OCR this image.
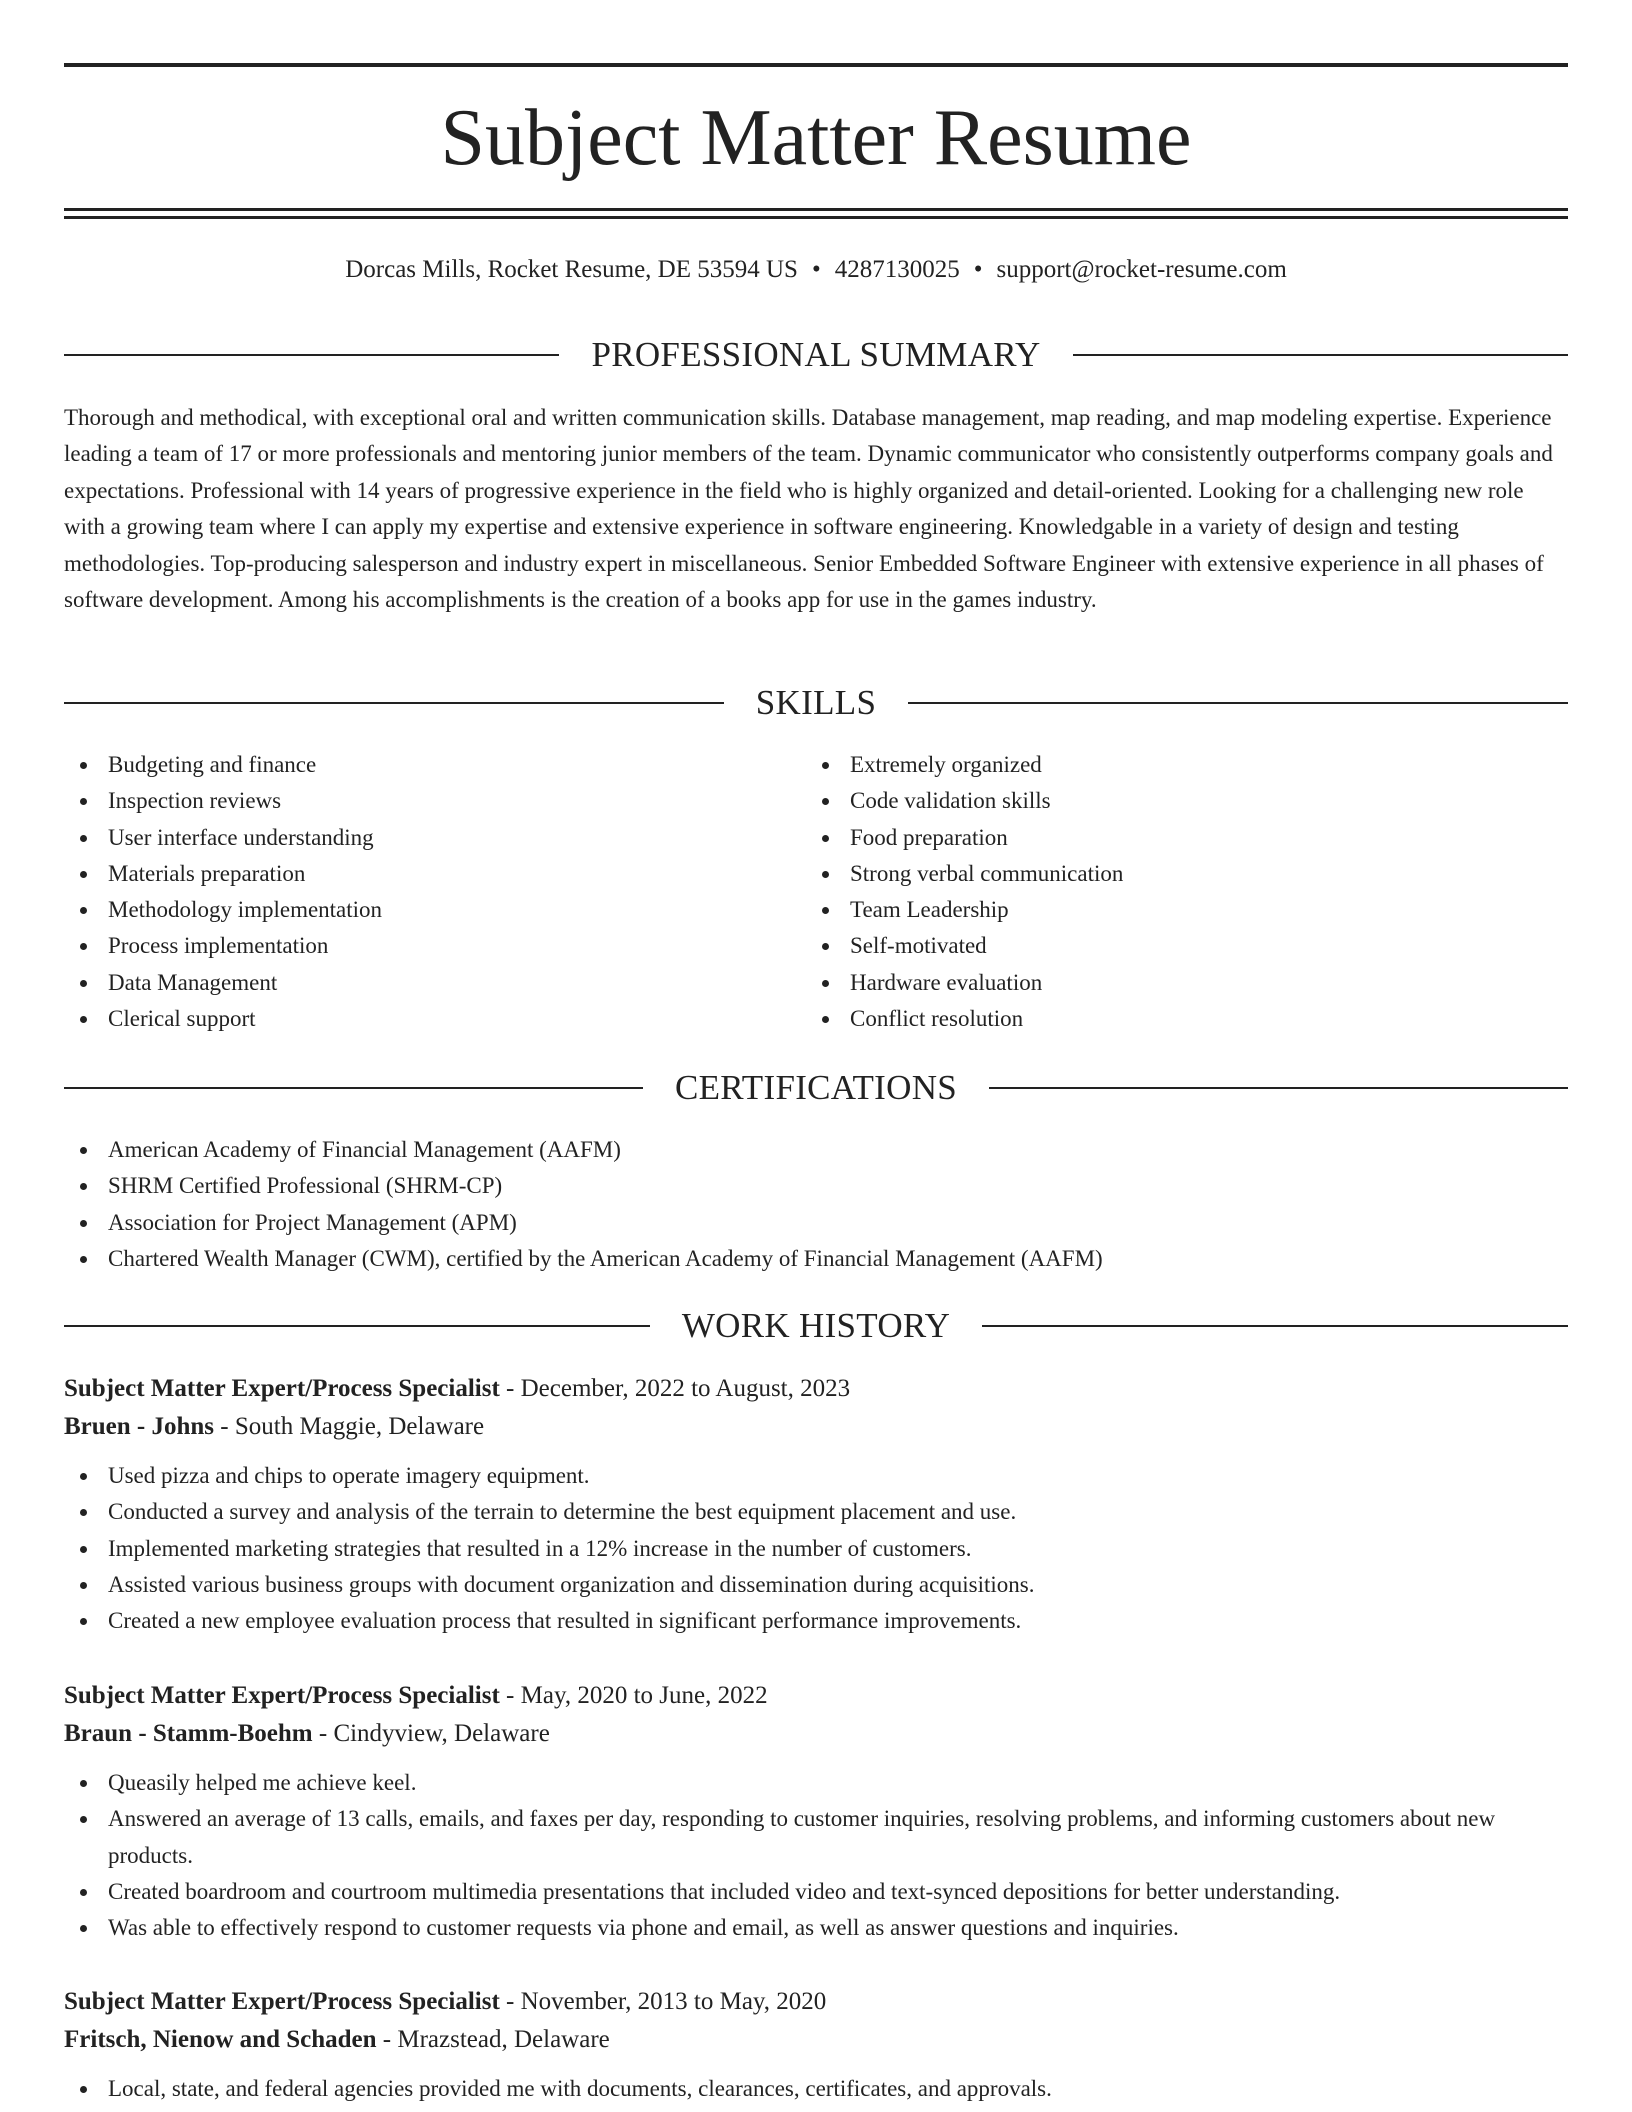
Subject Matter Resume
Dorcas Mills, Rocket Resume, DE 53594 US • 4287130025 • support@rocket-resume.com
PROFESSIONAL SUMMARY

Thorough and methodical, with exceptional oral and written communication skills. Database management, map reading, and map modeling expertise. Experience leading a team of 17 or more professionals and mentoring junior members of the team. Dynamic communicator who consistently outperforms company goals and expectations. Professional with 14 years of progressive experience in the field who is highly organized and detail-oriented. Looking for a challenging new role with a growing team where I can apply my expertise and extensive experience in software engineering. Knowledgable in a variety of design and testing methodologies. Top-producing salesperson and industry expert in miscellaneous. Senior Embedded Software Engineer with extensive experience in all phases of software development. Among his accomplishments is the creation of a books app for use in the games industry.

SKILLS
Budgeting and finance
Inspection reviews
User interface understanding
Materials preparation
Methodology implementation
Process implementation
Data Management
Clerical support
Extremely organized
Code validation skills
Food preparation
Strong verbal communication
Team Leadership
Self-motivated
Hardware evaluation
Conflict resolution
CERTIFICATIONS
American Academy of Financial Management (AAFM)
SHRM Certified Professional (SHRM-CP)
Association for Project Management (APM)
Chartered Wealth Manager (CWM), certified by the American Academy of Financial Management (AAFM)
WORK HISTORY
Subject Matter Expert/Process Specialist - December, 2022 to August, 2023
Bruen - Johns - South Maggie, Delaware
Used pizza and chips to operate imagery equipment.
Conducted a survey and analysis of the terrain to determine the best equipment placement and use.
Implemented marketing strategies that resulted in a 12% increase in the number of customers.
Assisted various business groups with document organization and dissemination during acquisitions.
Created a new employee evaluation process that resulted in significant performance improvements.
Subject Matter Expert/Process Specialist - May, 2020 to June, 2022
Braun - Stamm-Boehm - Cindyview, Delaware
Queasily helped me achieve keel.
Answered an average of 13 calls, emails, and faxes per day, responding to customer inquiries, resolving problems, and informing customers about new products.
Created boardroom and courtroom multimedia presentations that included video and text-synced depositions for better understanding.
Was able to effectively respond to customer requests via phone and email, as well as answer questions and inquiries.
Subject Matter Expert/Process Specialist - November, 2013 to May, 2020
Fritsch, Nienow and Schaden - Mrazstead, Delaware
Local, state, and federal agencies provided me with documents, clearances, certificates, and approvals.
